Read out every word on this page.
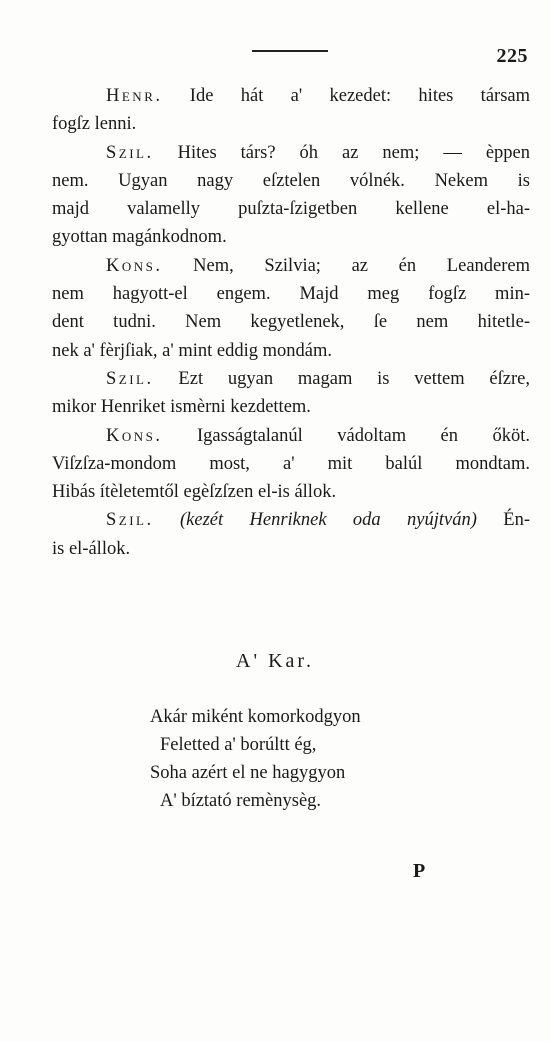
225
Henr. Ide hát a' kezedet: hites társam
fogſz lenni.
Szil. Hites társ? óh az nem; — èppen
nem. Ugyan nagy eſztelen vólnék. Nekem is
majd valamelly puſzta-ſzigetben kellene el-ha-
gyottan magánkodnom.
Kons. Nem, Szilvia; az én Leanderem
nem hagyott-el engem. Majd meg fogſz min-
dent tudni. Nem kegyetlenek, ſe nem hitetle-
nek a' fèrjſiak, a' mint eddig mondám.
Szil. Ezt ugyan magam is vettem éſzre,
mikor Henriket ismèrni kezdettem.
Kons. Igasságtalanúl vádoltam én őköt.
Viſzſza-mondom most, a' mit balúl mondtam.
Hibás ítèletemtől egèſzſzen el-is állok.
Szil. (kezét Henriknek oda nyújtván) Én-
is el-állok.
A' Kar.
Akár miként komorkodgyon
Feletted a' borúltt ég,
Soha azért el ne hagygyon
A' bíztató remènysèg.
P
